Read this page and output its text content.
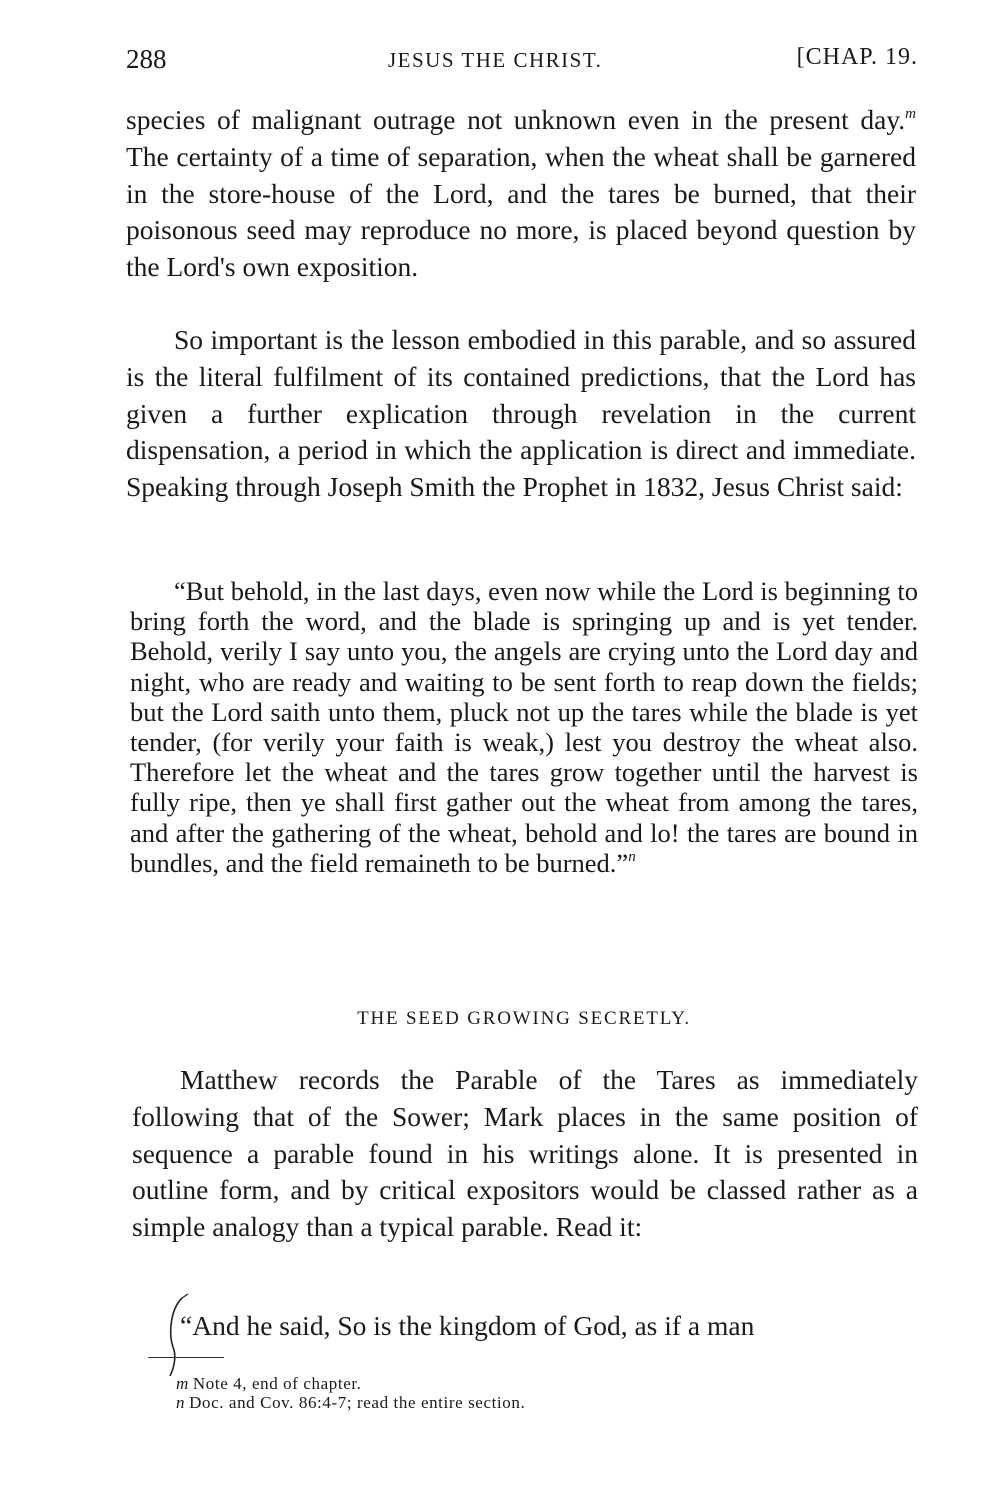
288	JESUS THE CHRIST.	[CHAP. 19.

species of malignant outrage not unknown even in the present day.$^m$ The certainty of a time of separation, when the wheat shall be garnered in the store-house of the Lord, and the tares be burned, that their poisonous seed may reproduce no more, is placed beyond question by the Lord's own exposition.

So important is the lesson embodied in this parable, and so assured is the literal fulfilment of its contained predictions, that the Lord has given a further explication through revelation in the current dispensation, a period in which the application is direct and immediate. Speaking through Joseph Smith the Prophet in 1832, Jesus Christ said:

“But behold, in the last days, even now while the Lord is beginning to bring forth the word, and the blade is springing up and is yet tender. Behold, verily I say unto you, the angels are crying unto the Lord day and night, who are ready and waiting to be sent forth to reap down the fields; but the Lord saith unto them, pluck not up the tares while the blade is yet tender, (for verily your faith is weak,) lest you destroy the wheat also. Therefore let the wheat and the tares grow together until the harvest is fully ripe, then ye shall first gather out the wheat from among the tares, and after the gathering of the wheat, behold and lo! the tares are bound in bundles, and the field remaineth to be burned.”$^n$

THE SEED GROWING SECRETLY.

Matthew records the Parable of the Tares as immediately following that of the Sower; Mark places in the same position of sequence a parable found in his writings alone. It is presented in outline form, and by critical expositors would be classed rather as a simple analogy than a typical parable. Read it:

“And he said, So is the kingdom of God, as if a man

m Note 4, end of chapter.
n Doc. and Cov. 86:4-7; read the entire section.
